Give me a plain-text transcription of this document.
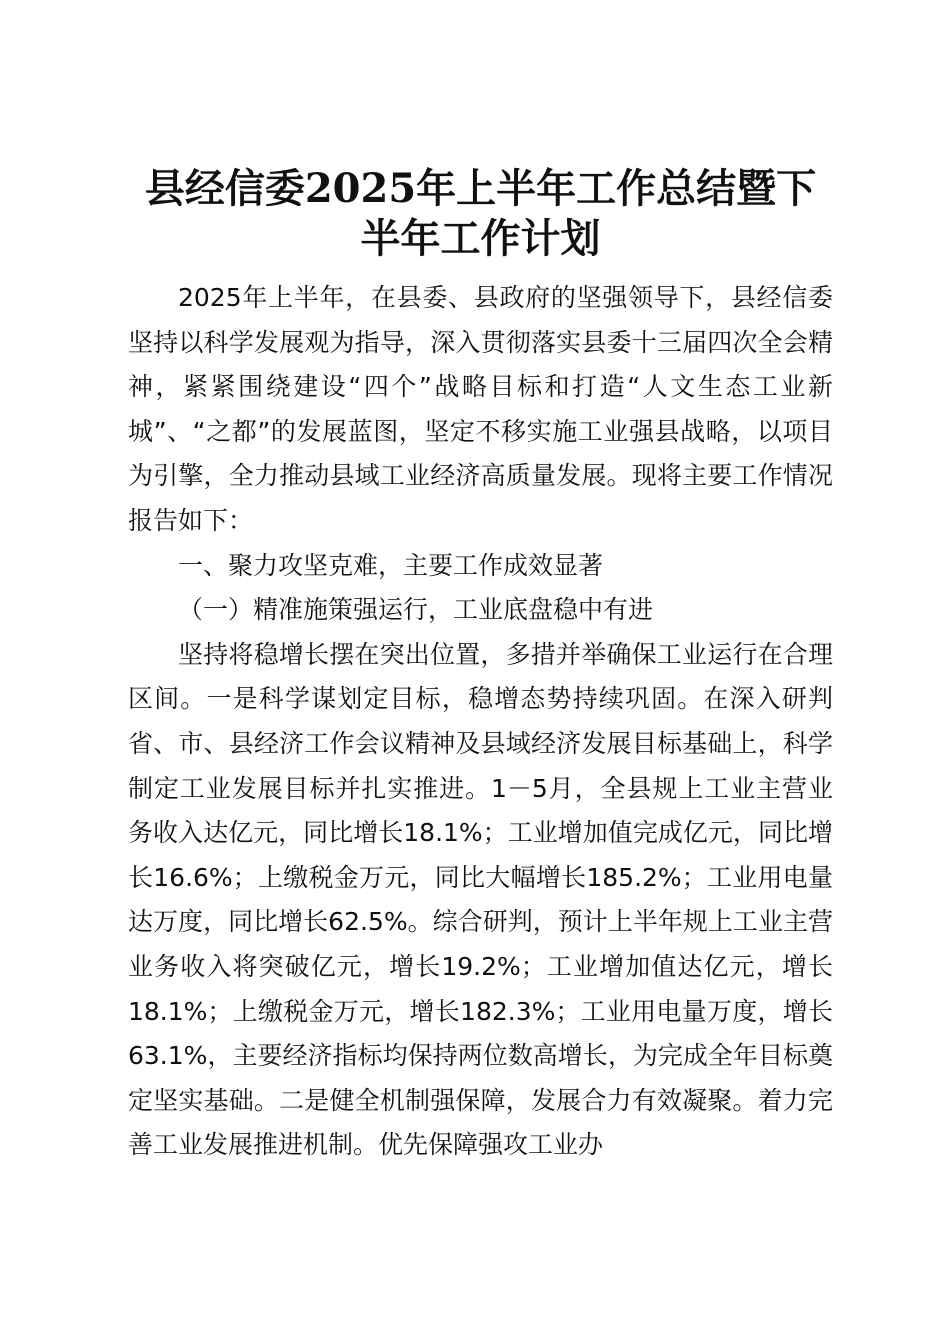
县经信委2025年上半年工作总结暨下
半年工作计划

2025年上半年，在县委、县政府的坚强领导下，县经信委坚持以科学发展观为指导，深入贯彻落实县委十三届四次全会精神，紧紧围绕建设“四个”战略目标和打造“人文生态工业新城”、“之都”的发展蓝图，坚定不移实施工业强县战略，以项目为引擎，全力推动县域工业经济高质量发展。现将主要工作情况报告如下：

一、聚力攻坚克难，主要工作成效显著

（一）精准施策强运行，工业底盘稳中有进

坚持将稳增长摆在突出位置，多措并举确保工业运行在合理区间。一是科学谋划定目标，稳增态势持续巩固。在深入研判省、市、县经济工作会议精神及县域经济发展目标基础上，科学制定工业发展目标并扎实推进。1－5月，全县规上工业主营业务收入达亿元，同比增长18.1%；工业增加值完成亿元，同比增长16.6%；上缴税金万元，同比大幅增长185.2%；工业用电量达万度，同比增长62.5%。综合研判，预计上半年规上工业主营业务收入将突破亿元，增长19.2%；工业增加值达亿元，增长18.1%；上缴税金万元，增长182.3%；工业用电量万度，增长63.1%，主要经济指标均保持两位数高增长，为完成全年目标奠定坚实基础。二是健全机制强保障，发展合力有效凝聚。着力完善工业发展推进机制。优先保障强攻工业办
